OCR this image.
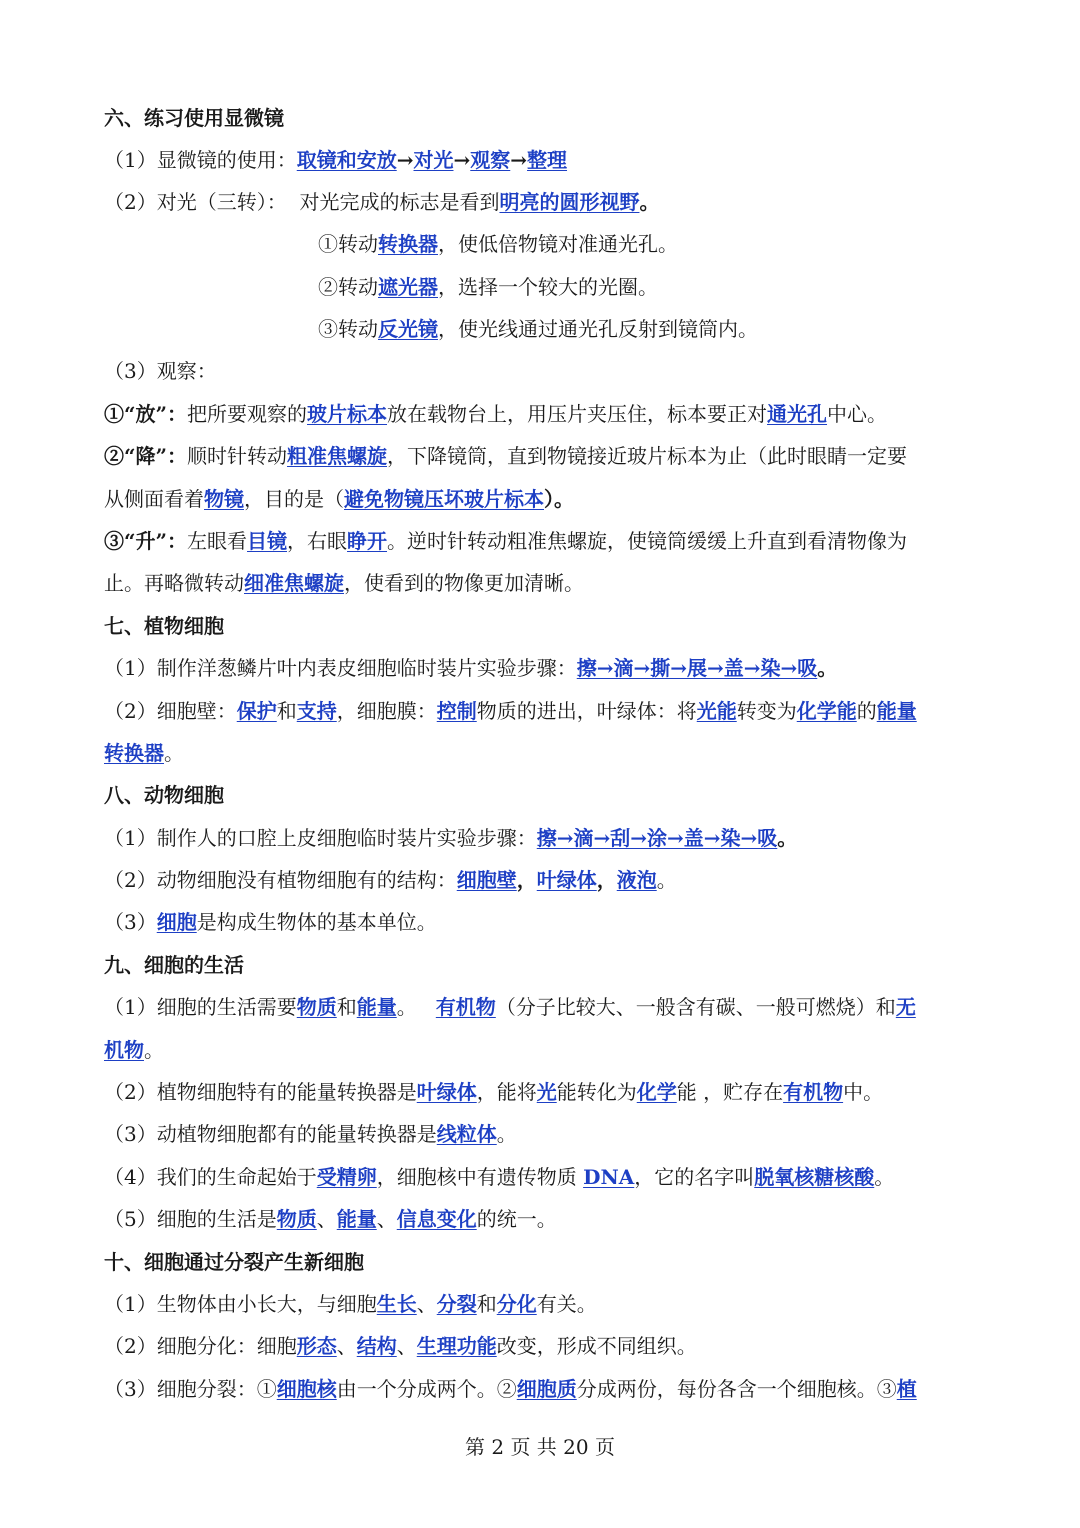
六、练习使用显微镜
（1）显微镜的使用：取镜和安放→对光→观察→整理
（2）对光（三转）：  对光完成的标志是看到明亮的圆形视野。
①转动转换器，使低倍物镜对准通光孔。
②转动遮光器，选择一个较大的光圈。
③转动反光镜，使光线通过通光孔反射到镜筒内。
（3）观察：
①“放”：把所要观察的玻片标本放在载物台上，用压片夹压住，标本要正对通光孔中心。
②“降”：顺时针转动粗准焦螺旋，下降镜筒，直到物镜接近玻片标本为止（此时眼睛一定要
从侧面看着物镜，目的是（避免物镜压坏玻片标本）。
③“升”：左眼看目镜，右眼睁开。逆时针转动粗准焦螺旋，使镜筒缓缓上升直到看清物像为
止。再略微转动细准焦螺旋，使看到的物像更加清晰。
七、植物细胞
（1）制作洋葱鳞片叶内表皮细胞临时装片实验步骤：擦→滴→撕→展→盖→染→吸。
（2）细胞壁：保护和支持，细胞膜：控制物质的进出，叶绿体：将光能转变为化学能的能量
转换器。
八、动物细胞
（1）制作人的口腔上皮细胞临时装片实验步骤：擦→滴→刮→涂→盖→染→吸。
（2）动物细胞没有植物细胞有的结构：细胞壁，叶绿体，液泡。
（3）细胞是构成生物体的基本单位。
九、细胞的生活
（1）细胞的生活需要物质和能量。   有机物（分子比较大、一般含有碳、一般可燃烧）和无
机物。
（2）植物细胞特有的能量转换器是叶绿体，能将光能转化为化学能 ，贮存在有机物中。
（3）动植物细胞都有的能量转换器是线粒体。
（4）我们的生命起始于受精卵，细胞核中有遗传物质 DNA，它的名字叫脱氧核糖核酸。
（5）细胞的生活是物质、能量、信息变化的统一。
十、细胞通过分裂产生新细胞
（1）生物体由小长大，与细胞生长、分裂和分化有关。
（2）细胞分化：细胞形态、结构、生理功能改变，形成不同组织。
（3）细胞分裂：①细胞核由一个分成两个。②细胞质分成两份，每份各含一个细胞核。③植
第 2 页 共 20 页
